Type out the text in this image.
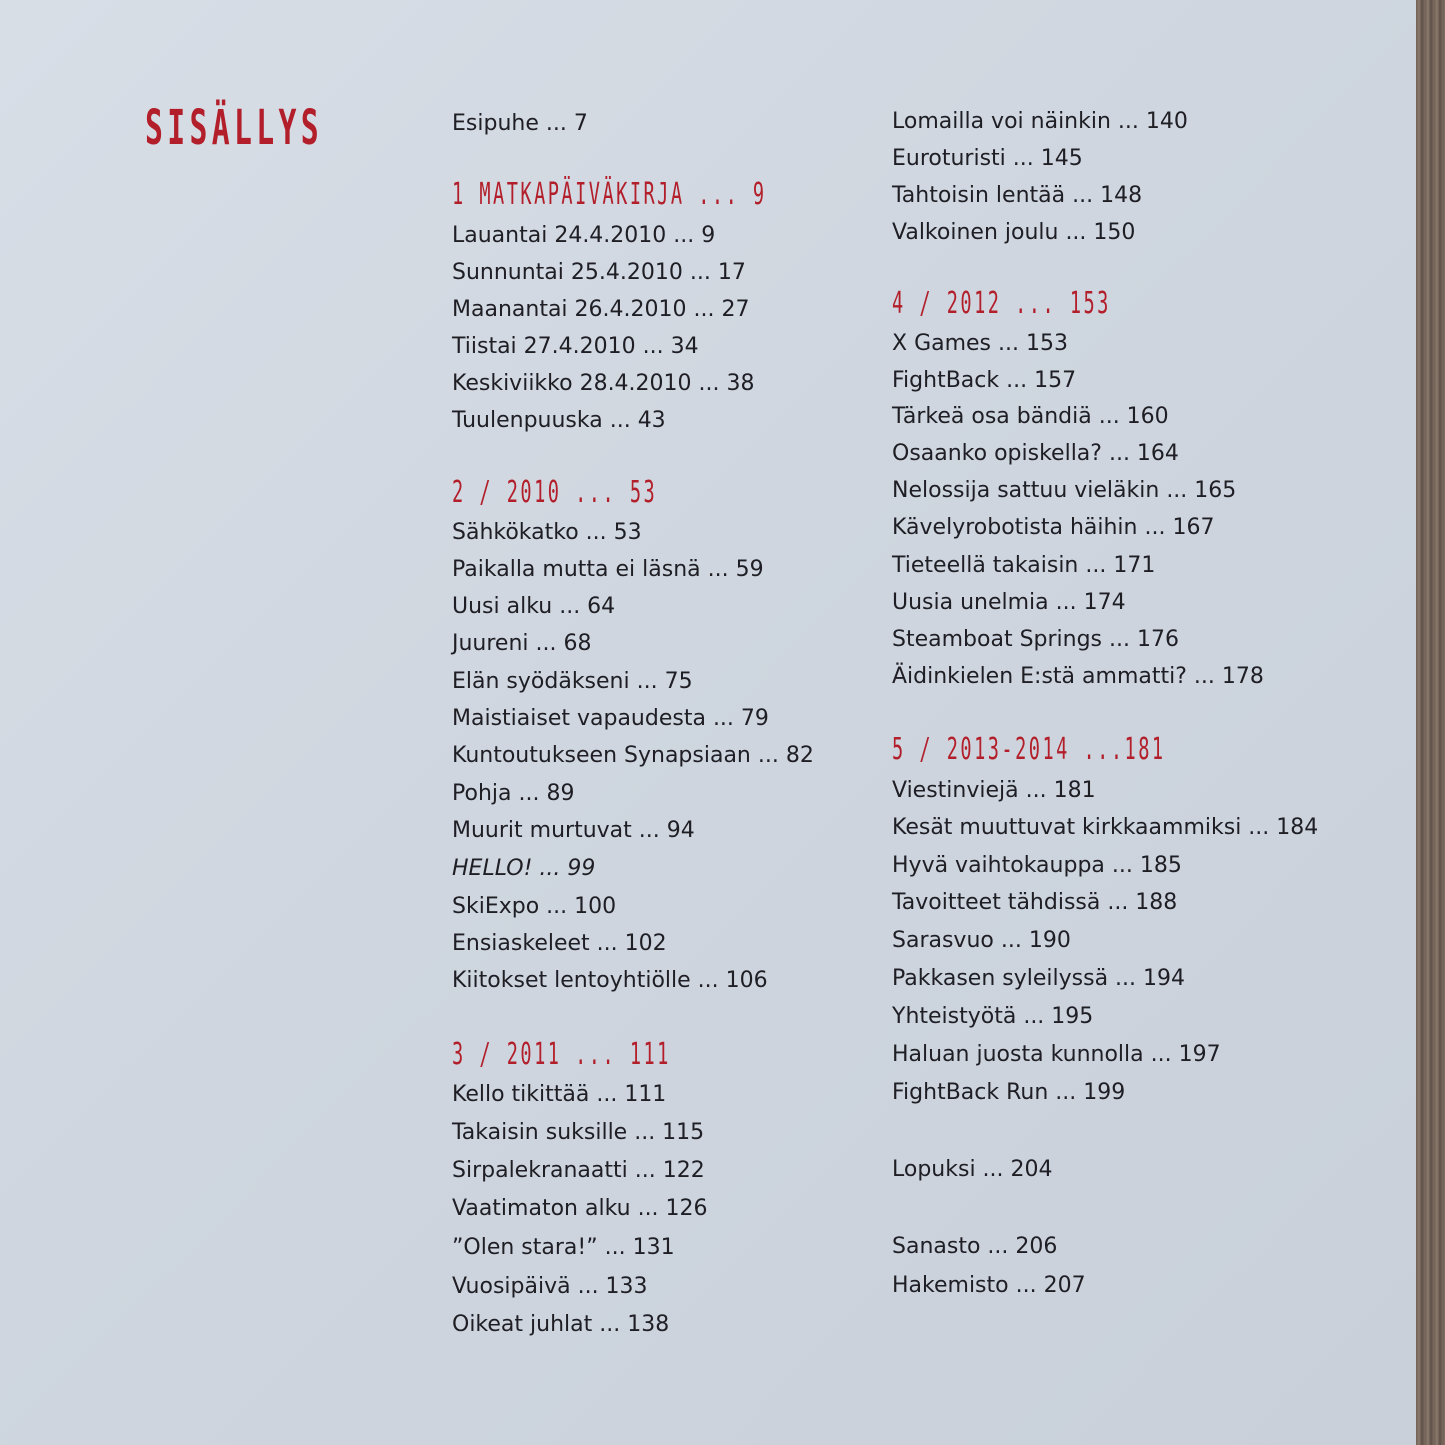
SISÄLLYS	Esipuhe ... 7
1 MATKAPÄIVÄKIRJA ... 9
Lauantai 24.4.2010 ... 9
Sunnuntai 25.4.2010 ... 17
Maanantai 26.4.2010 ... 27
Tiistai 27.4.2010 ... 34
Keskiviikko 28.4.2010 ... 38
Tuulenpuuska ... 43
2 / 2010 ... 53
Sähkökatko ... 53
Paikalla mutta ei läsnä ... 59
Uusi alku ... 64
Juureni ... 68
Elän syödäkseni ... 75
Maistiaiset vapaudesta ... 79
Kuntoutukseen Synapsiaan ... 82
Pohja ... 89
Muurit murtuvat ... 94
HELLO! ... 99
SkiExpo ... 100
Ensiaskeleet ... 102
Kiitokset lentoyhtiölle ... 106
3 / 2011 ... 111
Kello tikittää ... 111
Takaisin suksille ... 115
Sirpalekranaatti ... 122
Vaatimaton alku ... 126
”Olen stara!” ... 131
Vuosipäivä ... 133
Oikeat juhlat ... 138
Lomailla voi näinkin ... 140
Euroturisti ... 145
Tahtoisin lentää ... 148
Valkoinen joulu ... 150
4 / 2012 ... 153
X Games ... 153
FightBack ... 157
Tärkeä osa bändiä ... 160
Osaanko opiskella? ... 164
Nelossija sattuu vieläkin ... 165
Kävelyrobotista häihin ... 167
Tieteellä takaisin ... 171
Uusia unelmia ... 174
Steamboat Springs ... 176
Äidinkielen E:stä ammatti? ... 178
5 / 2013-2014 ...181
Viestinviejä ... 181
Kesät muuttuvat kirkkaammiksi ... 184
Hyvä vaihtokauppa ... 185
Tavoitteet tähdissä ... 188
Sarasvuo ... 190
Pakkasen syleilyssä ... 194
Yhteistyötä ... 195
Haluan juosta kunnolla ... 197
FightBack Run ... 199
Lopuksi ... 204
Sanasto ... 206
Hakemisto ... 207
